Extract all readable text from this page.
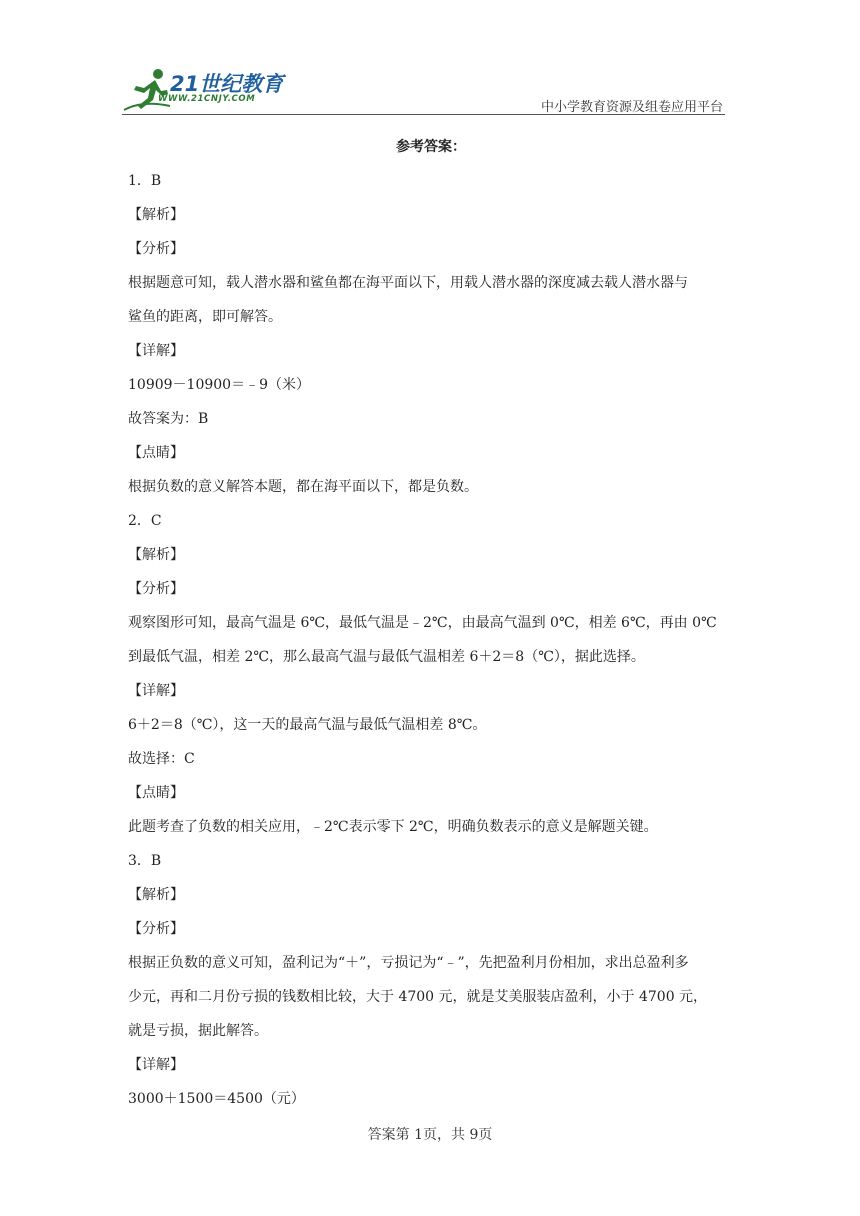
21世纪教育
WWW.21CNJY.COM
中小学教育资源及组卷应用平台
参考答案：
1．B
【解析】
【分析】
根据题意可知，载人潜水器和鲨鱼都在海平面以下，用载人潜水器的深度减去载人潜水器与
鲨鱼的距离，即可解答。
【详解】
10909－10900＝﹣9（米）
故答案为：B
【点睛】
根据负数的意义解答本题，都在海平面以下，都是负数。
2．C
【解析】
【分析】
观察图形可知，最高气温是 6℃，最低气温是﹣2℃，由最高气温到 0℃，相差 6℃，再由 0℃
到最低气温，相差 2℃，那么最高气温与最低气温相差 6＋2＝8（℃），据此选择。
【详解】
6＋2＝8（℃），这一天的最高气温与最低气温相差 8℃。
故选择：C
【点睛】
此题考查了负数的相关应用，﹣2℃表示零下 2℃，明确负数表示的意义是解题关键。
3．B
【解析】
【分析】
根据正负数的意义可知，盈利记为“＋”，亏损记为“﹣”，先把盈利月份相加，求出总盈利多
少元，再和二月份亏损的钱数相比较，大于 4700 元，就是艾美服装店盈利，小于 4700 元，
就是亏损，据此解答。
【详解】
3000＋1500＝4500（元）
答案第 1页，共 9页
